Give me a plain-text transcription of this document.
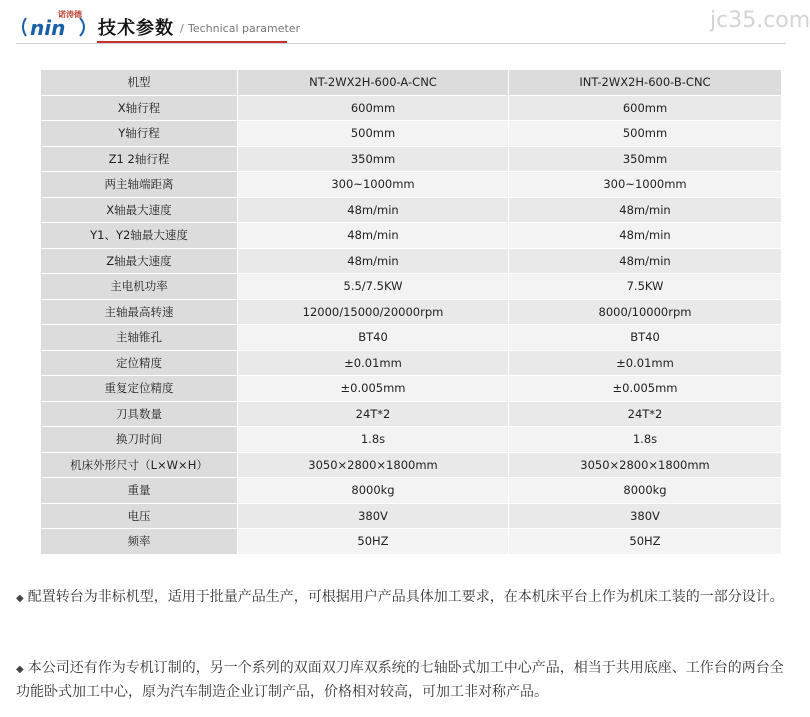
nin
诺涛德
技术参数 / Technical parameter	jc35.com
机型	NT-2WX2H-600-A-CNC	INT-2WX2H-600-B-CNC
X轴行程	600mm	600mm
Y轴行程	500mm	500mm
Z1 2轴行程	350mm	350mm
两主轴端距离	300~1000mm	300~1000mm
X轴最大速度	48m/min	48m/min
Y1、Y2轴最大速度	48m/min	48m/min
Z轴最大速度	48m/min	48m/min
主电机功率	5.5/7.5KW	7.5KW
主轴最高转速	12000/15000/20000rpm	8000/10000rpm
主轴锥孔	BT40	BT40
定位精度	±0.01mm	±0.01mm
重复定位精度	±0.005mm	±0.005mm
刀具数量	24T*2	24T*2
换刀时间	1.8s	1.8s
机床外形尺寸（L×W×H）	3050×2800×1800mm	3050×2800×1800mm
重量	8000kg	8000kg
电压	380V	380V
频率	50HZ	50HZ
◆ 配置转台为非标机型，适用于批量产品生产，可根据用户产品具体加工要求，在本机床平台上作为机床工装的一部分设计。
◆ 本公司还有作为专机订制的，另一个系列的双面双刀库双系统的七轴卧式加工中心产品，相当于共用底座、工作台的两台全功能卧式加工中心，原为汽车制造企业订制产品，价格相对较高，可加工非对称产品。
